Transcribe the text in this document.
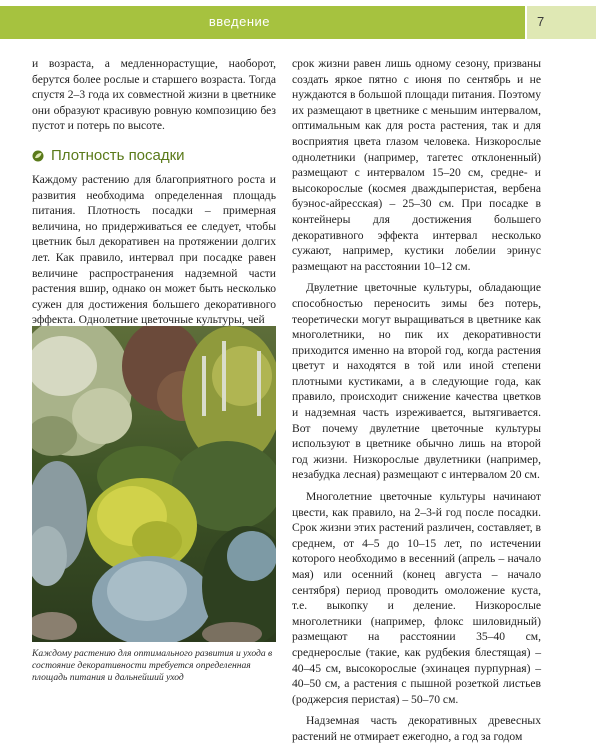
введение	7

и возраста, а медленнорастущие, наоборот, берутся более рослые и старшего возраста. Тогда спустя 2–3 года их совместной жизни в цветнике они образуют красивую ровную композицию без пустот и потерь по высоте.

Плотность посадки

Каждому растению для благоприятного роста и развития необходима определенная площадь питания. Плотность посадки – примерная величина, но придерживаться ее следует, чтобы цветник был декоративен на протяжении долгих лет. Как правило, интервал при посадке равен величине распространения надземной части растения вшир, однако он может быть несколько сужен для достижения большего декоративного эффекта. Однолетние цветочные культуры, чей

Каждому растению для оптимального развития и ухода в состояние декоративности требуется определенная площадь питания и дальнейший уход

срок жизни равен лишь одному сезону, призваны создать яркое пятно с июня по сентябрь и не нуждаются в большой площади питания. Поэтому их размещают в цветнике с меньшим интервалом, оптимальным как для роста растения, так и для восприятия цвета глазом человека. Низкорослые однолетники (например, тагетес отклоненный) размещают с интервалом 15–20 см, средне- и высокорослые (космея дваждыперистая, вербена буэнос-айресская) – 25–30 см. При посадке в контейнеры для достижения большего декоративного эффекта интервал несколько сужают, например, кустики лобелии эринус размещают на расстоянии 10–12 см.

Двулетние цветочные культуры, обладающие способностью переносить зимы без потерь, теоретически могут выращиваться в цветнике как многолетники, но пик их декоративности приходится именно на второй год, когда растения цветут и находятся в той или иной степени плотными кустиками, а в следующие года, как правило, происходит снижение качества цветков и надземная часть изреживается, вытягивается. Вот почему двулетние цветочные культуры используют в цветнике обычно лишь на второй год жизни. Низкорослые двулетники (например, незабудка лесная) размещают с интервалом 20 см.

Многолетние цветочные культуры начинают цвести, как правило, на 2–3-й год после посадки. Срок жизни этих растений различен, составляет, в среднем, от 4–5 до 10–15 лет, по истечении которого необходимо в весенний (апрель – начало мая) или осенний (конец августа – начало сентября) период проводить омоложение куста, т.е. выкопку и деление. Низкорослые многолетники (например, флокс шиловидный) размещают на расстоянии 35–40 см, среднерослые (такие, как рудбекия блестящая) – 40–45 см, высокорослые (эхинацея пурпурная) – 40–50 см, а растения с пышной розеткой листьев (роджерсия перистая) – 50–70 см.

Надземная часть декоративных древесных растений не отмирает ежегодно, а год за годом
